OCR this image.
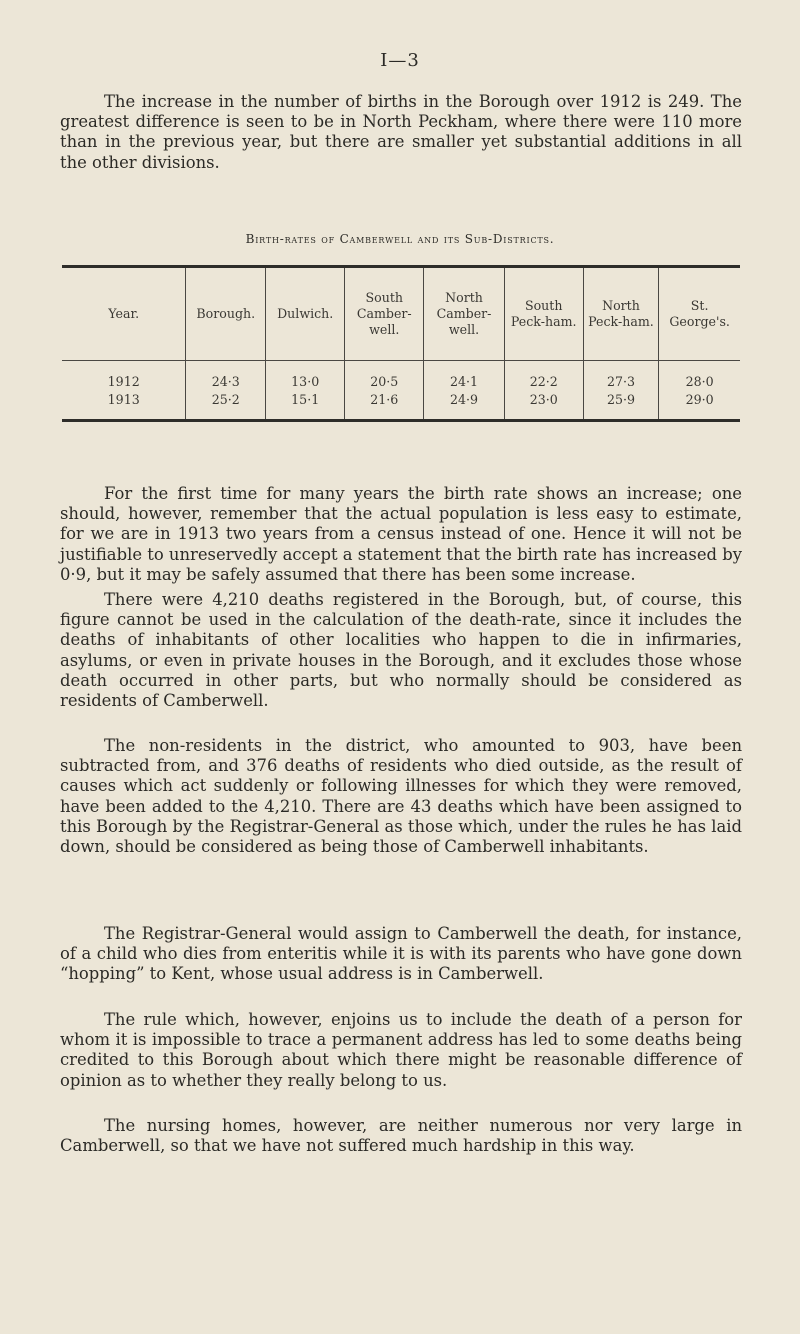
I—3

The increase in the number of births in the Borough over 1912 is 249. The greatest difference is seen to be in North Peckham, where there were 110 more than in the previous year, but there are smaller yet substantial additions in all the other divisions.

Birth-rates of Camberwell and its Sub-Districts.
Year.	Borough.	Dulwich.	South Camber-well.	North Camber-well.	South Peck-ham.	North Peck-ham.	St. George's.
1912	24·3	13·0	20·5	24·1	22·2	27·3	28·0
1913	25·2	15·1	21·6	24·9	23·0	25·9	29·0

For the first time for many years the birth rate shows an increase; one should, however, remember that the actual population is less easy to estimate, for we are in 1913 two years from a census instead of one. Hence it will not be justifiable to unreservedly accept a statement that the birth rate has increased by 0·9, but it may be safely assumed that there has been some increase.

There were 4,210 deaths registered in the Borough, but, of course, this figure cannot be used in the calculation of the death-rate, since it includes the deaths of inhabitants of other localities who happen to die in infirmaries, asylums, or even in private houses in the Borough, and it excludes those whose death occurred in other parts, but who normally should be considered as residents of Camberwell.

The non-residents in the district, who amounted to 903, have been subtracted from, and 376 deaths of residents who died outside, as the result of causes which act suddenly or following illnesses for which they were removed, have been added to the 4,210. There are 43 deaths which have been assigned to this Borough by the Registrar-General as those which, under the rules he has laid down, should be considered as being those of Camberwell inhabitants.

The Registrar-General would assign to Camberwell the death, for instance, of a child who dies from enteritis while it is with its parents who have gone down “hopping” to Kent, whose usual address is in Camberwell.

The rule which, however, enjoins us to include the death of a person for whom it is impossible to trace a permanent address has led to some deaths being credited to this Borough about which there might be reasonable difference of opinion as to whether they really belong to us.

The nursing homes, however, are neither numerous nor very large in Camberwell, so that we have not suffered much hardship in this way.
